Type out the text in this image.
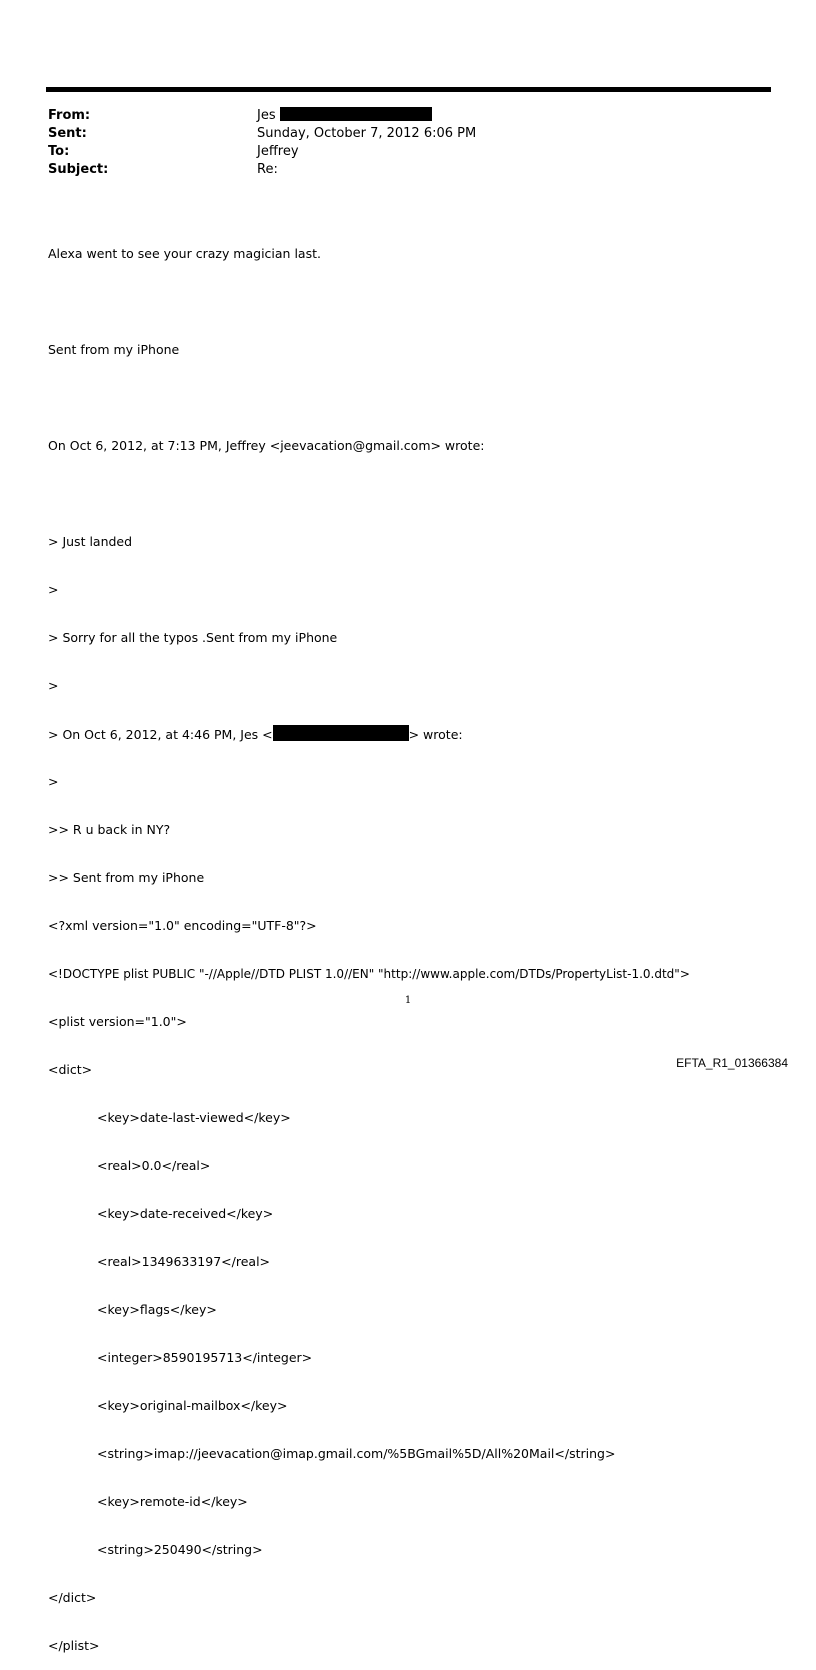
From:	Jes
Sent:	Sunday, October 7, 2012 6:06 PM
To:	Jeffrey
Subject:	Re:

Alexa went to see your crazy magician last.

Sent from my iPhone

On Oct 6, 2012, at 7:13 PM, Jeffrey <jeevacation@gmail.com> wrote:

> Just landed

>

> Sorry for all the typos .Sent from my iPhone

>

> On Oct 6, 2012, at 4:46 PM, Jes <	> wrote:

>

>> R u back in NY?

>> Sent from my iPhone

<?xml version="1.0" encoding="UTF-8"?>

<!DOCTYPE plist PUBLIC "-//Apple//DTD PLIST 1.0//EN" "http://www.apple.com/DTDs/PropertyList-1.0.dtd">

<plist version="1.0">

<dict>

<key>date-last-viewed</key>

<real>0.0</real>

<key>date-received</key>

<real>1349633197</real>

<key>flags</key>

<integer>8590195713</integer>

<key>original-mailbox</key>

<string>imap://jeevacation@imap.gmail.com/%5BGmail%5D/All%20Mail</string>

<key>remote-id</key>

<string>250490</string>

</dict>

</plist>

1
EFTA_R1_01366384
